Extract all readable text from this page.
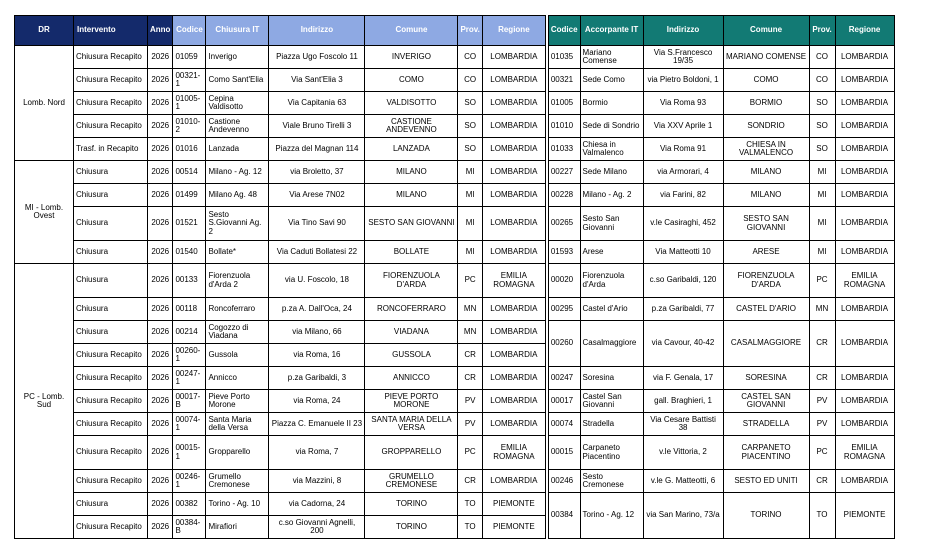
DR	Intervento	Anno	Codice	Chiusura IT	Indirizzo	Comune	Prov.	Regione		Codice	Accorpante IT	Indirizzo	Comune	Prov.	Regione
Lomb. Nord	Chiusura Recapito	2026	01059	Inverigo	Piazza Ugo Foscolo 11	INVERIGO	CO	LOMBARDIA		01035	Mariano Comense	Via S.Francesco 19/35	MARIANO COMENSE	CO	LOMBARDIA
	Chiusura Recapito	2026	00321-1	Como Sant'Elia	Via Sant'Elia 3	COMO	CO	LOMBARDIA		00321	Sede Como	via Pietro Boldoni, 1	COMO	CO	LOMBARDIA
	Chiusura Recapito	2026	01005-1	Cepina Valdisotto	Via Capitania 63	VALDISOTTO	SO	LOMBARDIA		01005	Bormio	Via Roma 93	BORMIO	SO	LOMBARDIA
	Chiusura Recapito	2026	01010-2	Castione Andevenno	Viale Bruno Tirelli 3	CASTIONE ANDEVENNO	SO	LOMBARDIA		01010	Sede di Sondrio	Via XXV Aprile 1	SONDRIO	SO	LOMBARDIA
	Trasf. in Recapito	2026	01016	Lanzada	Piazza del Magnan 114	LANZADA	SO	LOMBARDIA		01033	Chiesa in Valmalenco	Via Roma 91	CHIESA IN VALMALENCO	SO	LOMBARDIA
MI - Lomb. Ovest	Chiusura	2026	00514	Milano - Ag. 12	via Broletto, 37	MILANO	MI	LOMBARDIA		00227	Sede Milano	via Armorari, 4	MILANO	MI	LOMBARDIA
	Chiusura	2026	01499	Milano Ag. 48	Via Arese 7N02	MILANO	MI	LOMBARDIA		00228	Milano - Ag. 2	via Farini, 82	MILANO	MI	LOMBARDIA
	Chiusura	2026	01521	Sesto S.Giovanni Ag. 2	Via Tino Savi 90	SESTO SAN GIOVANNI	MI	LOMBARDIA		00265	Sesto San Giovanni	v.le Casiraghi, 452	SESTO SAN GIOVANNI	MI	LOMBARDIA
	Chiusura	2026	01540	Bollate*	Via Caduti Bollatesi 22	BOLLATE	MI	LOMBARDIA		01593	Arese	Via Matteotti 10	ARESE	MI	LOMBARDIA
PC - Lomb. Sud	Chiusura	2026	00133	Fiorenzuola d'Arda 2	via U. Foscolo, 18	FIORENZUOLA D'ARDA	PC	EMILIA ROMAGNA		00020	Fiorenzuola d'Arda	c.so Garibaldi, 120	FIORENZUOLA D'ARDA	PC	EMILIA ROMAGNA
	Chiusura	2026	00118	Roncoferraro	p.za A. Dall'Oca, 24	RONCOFERRARO	MN	LOMBARDIA		00295	Castel d'Ario	p.za Garibaldi, 77	CASTEL D'ARIO	MN	LOMBARDIA
	Chiusura	2026	00214	Cogozzo di Viadana	via Milano, 66	VIADANA	MN	LOMBARDIA		00260	Casalmaggiore	via Cavour, 40-42	CASALMAGGIORE	CR	LOMBARDIA
	Chiusura Recapito	2026	00260-1	Gussola	via Roma, 16	GUSSOLA	CR	LOMBARDIA							
	Chiusura Recapito	2026	00247-1	Annicco	p.za Garibaldi, 3	ANNICCO	CR	LOMBARDIA		00247	Soresina	via F. Genala, 17	SORESINA	CR	LOMBARDIA
	Chiusura Recapito	2026	00017-B	Pieve Porto Morone	via Roma, 24	PIEVE PORTO MORONE	PV	LOMBARDIA		00017	Castel San Giovanni	gall. Braghieri, 1	CASTEL SAN GIOVANNI	PV	LOMBARDIA
	Chiusura Recapito	2026	00074-1	Santa Maria della Versa	Piazza C. Emanuele II 23	SANTA MARIA DELLA VERSA	PV	LOMBARDIA		00074	Stradella	Via Cesare Battisti 38	STRADELLA	PV	LOMBARDIA
	Chiusura Recapito	2026	00015-1	Gropparello	via Roma, 7	GROPPARELLO	PC	EMILIA ROMAGNA		00015	Carpaneto Piacentino	v.le Vittoria, 2	CARPANETO PIACENTINO	PC	EMILIA ROMAGNA
	Chiusura Recapito	2026	00246-1	Grumello Cremonese	via Mazzini, 8	GRUMELLO CREMONESE	CR	LOMBARDIA		00246	Sesto Cremonese	v.le G. Matteotti, 6	SESTO ED UNITI	CR	LOMBARDIA
	Chiusura	2026	00382	Torino - Ag. 10	via Cadorna, 24	TORINO	TO	PIEMONTE		00384	Torino - Ag. 12	via San Marino, 73/a	TORINO	TO	PIEMONTE
	Chiusura Recapito	2026	00384-B	Mirafiori	c.so Giovanni Agnelli, 200	TORINO	TO	PIEMONTE							
